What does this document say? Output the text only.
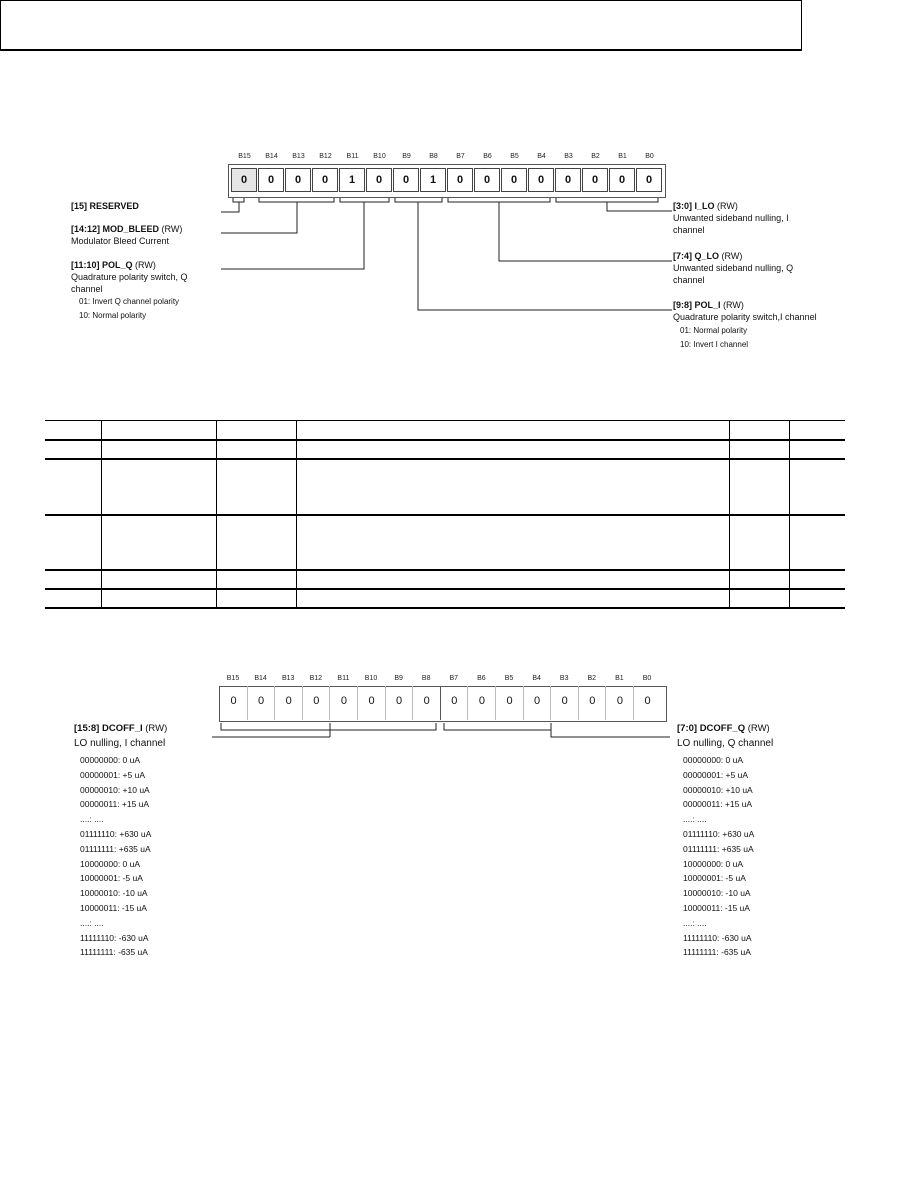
B15
0
B14
0
B13
0
B12
0
B11
1
B10
0
B9
0
B8
1
B7
0
B6
0
B5
0
B4
0
B3
0
B2
0
B1
0
B0
0
[15] RESERVED
[14:12] MOD_BLEED (RW)
Modulator Bleed Current
[11:10] POL_Q (RW)
Quadrature polarity switch, Q
channel
01: Invert Q channel polarity
10: Normal polarity
[3:0] I_LO (RW)
Unwanted sideband nulling, I
channel
[7:4] Q_LO (RW)
Unwanted sideband nulling, Q
channel
[9:8] POL_I (RW)
Quadrature polarity switch,I channel
01: Normal polarity
10: Invert I channel
B15
0
B14
0
B13
0
B12
0
B11
0
B10
0
B9
0
B8
0
B7
0
B6
0
B5
0
B4
0
B3
0
B2
0
B1
0
B0
0
[15:8] DCOFF_I (RW)
LO nulling, I channel
00000000: 0 uA
00000001: +5 uA
00000010: +10 uA
00000011: +15 uA
....: ....
01111110: +630 uA
01111111: +635 uA
10000000: 0 uA
10000001: -5 uA
10000010: -10 uA
10000011: -15 uA
....: ....
11111110: -630 uA
11111111: -635 uA
[7:0] DCOFF_Q (RW)
LO nulling, Q channel
00000000: 0 uA
00000001: +5 uA
00000010: +10 uA
00000011: +15 uA
....: ....
01111110: +630 uA
01111111: +635 uA
10000000: 0 uA
10000001: -5 uA
10000010: -10 uA
10000011: -15 uA
....: ....
11111110: -630 uA
11111111: -635 uA
